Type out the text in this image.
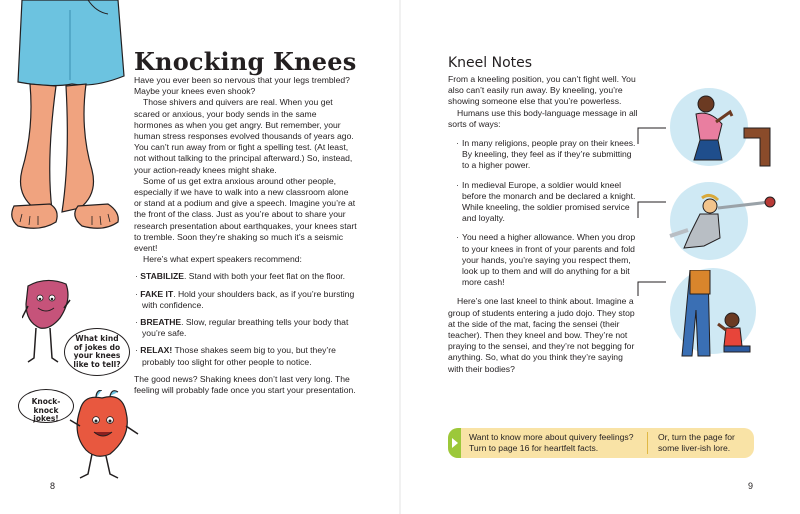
Knocking Knees

Have you ever been so nervous that your legs trembled?

Maybe your knees even shook?

Those shivers and quivers are real. When you get scared or anxious, your body sends in the same hormones as when you get angry. But remember, your human stress responses evolved thousands of years ago. You can’t run away from or fight a spelling test. (At least, not without talking to the principal afterward.) So, instead, your action-ready knees might shake.

Some of us get extra anxious around other people, especially if we have to walk into a new classroom alone or stand at a podium and give a speech. Imagine you’re at the front of the class. Just as you’re about to share your research presentation about earthquakes, your knees start to tremble. Soon they’re shaking so much it’s a seismic event!

Here’s what expert speakers recommend:

· STABILIZE. Stand with both your feet flat on the floor.
· FAKE IT. Hold your shoulders back, as if you’re bursting with confidence.
· BREATHE. Slow, regular breathing tells your body that you’re safe.
· RELAX! Those shakes seem big to you, but they’re probably too slight for other people to notice.

The good news? Shaking knees don’t last very long. The feeling will probably fade once you start your presentation.

What kind of jokes do your knees like to tell?
Knock-knock jokes!
8
Kneel Notes

From a kneeling position, you can’t fight well. You also can’t easily run away. By kneeling, you’re showing someone else that you’re powerless.

Humans use this body-language message in all sorts of ways:

· In many religions, people pray on their knees. By kneeling, they feel as if they’re submitting to a higher power.
· In medieval Europe, a soldier would kneel before the monarch and be declared a knight. While kneeling, the soldier promised service and loyalty.
· You need a higher allowance. When you drop to your knees in front of your parents and fold your hands, you’re saying you respect them, look up to them and will do anything for a bit more cash!

Here’s one last kneel to think about. Imagine a group of students entering a judo dojo. They stop at the side of the mat, facing the sensei (their teacher). Then they kneel and bow. They’re not praying to the sensei, and they’re not begging for anything. So, what do you think they’re saying with their bodies?

Want to know more about quivery feelings? Turn to page 16 for heartfelt facts.
Or, turn the page for some liver-ish lore.
9
